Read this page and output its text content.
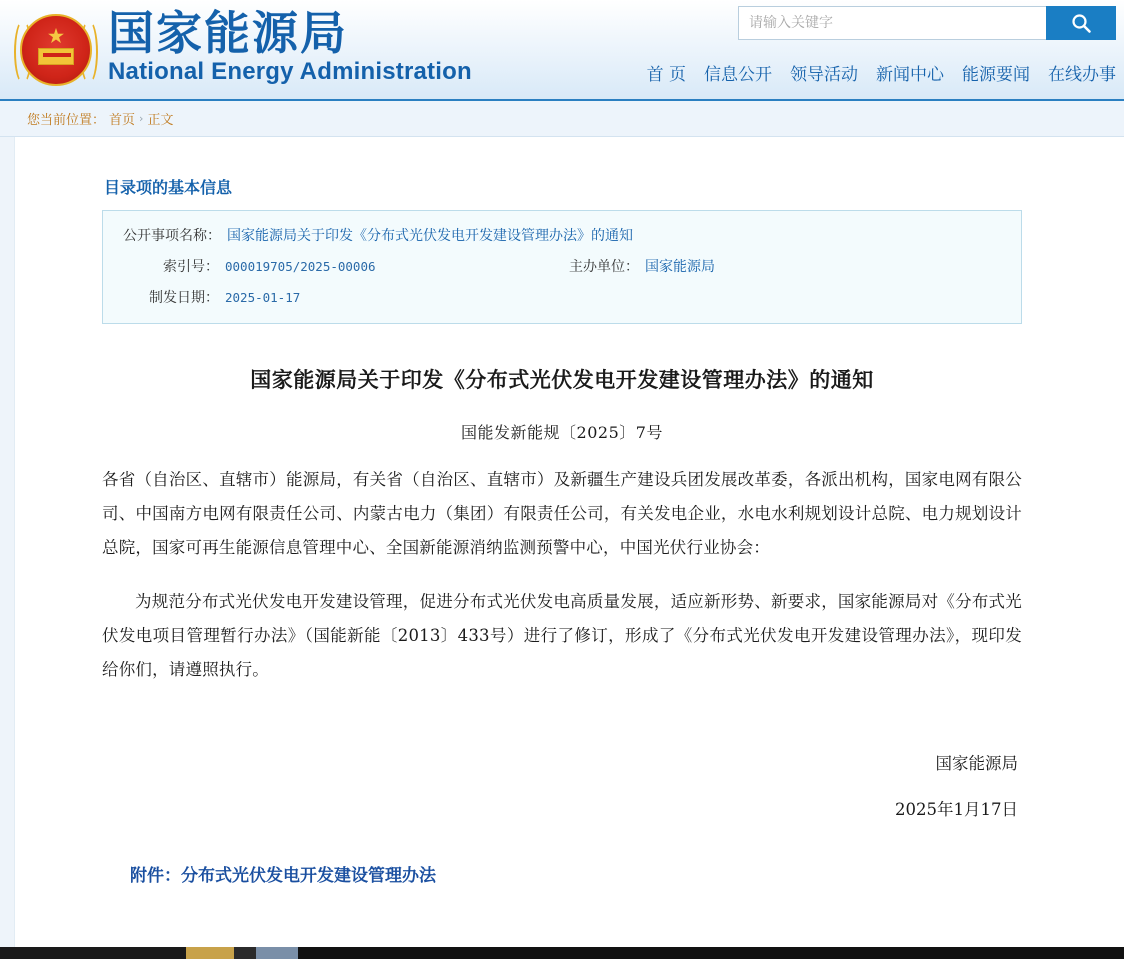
★ 国家能源局
National Energy Administration
请输入关键字	首 页 信息公开 领导活动 新闻中心 能源要闻 在线办事
您当前位置： 首页 › 正文
目录项的基本信息
公开事项名称： 国家能源局关于印发《分布式光伏发电开发建设管理办法》的通知
索引号： 000019705/2025-00006	主办单位： 国家能源局
制发日期： 2025-01-17
国家能源局关于印发《分布式光伏发电开发建设管理办法》的通知
国能发新能规〔2025〕7号

各省（自治区、直辖市）能源局，有关省（自治区、直辖市）及新疆生产建设兵团发展改革委，各派出机构，国家电网有限公司、中国南方电网有限责任公司、内蒙古电力（集团）有限责任公司，有关发电企业，水电水利规划设计总院、电力规划设计总院，国家可再生能源信息管理中心、全国新能源消纳监测预警中心，中国光伏行业协会：

为规范分布式光伏发电开发建设管理，促进分布式光伏发电高质量发展，适应新形势、新要求，国家能源局对《分布式光伏发电项目管理暂行办法》（国能新能〔2013〕433号）进行了修订，形成了《分布式光伏发电开发建设管理办法》，现印发给你们，请遵照执行。

国家能源局
2025年1月17日
附件：分布式光伏发电开发建设管理办法
